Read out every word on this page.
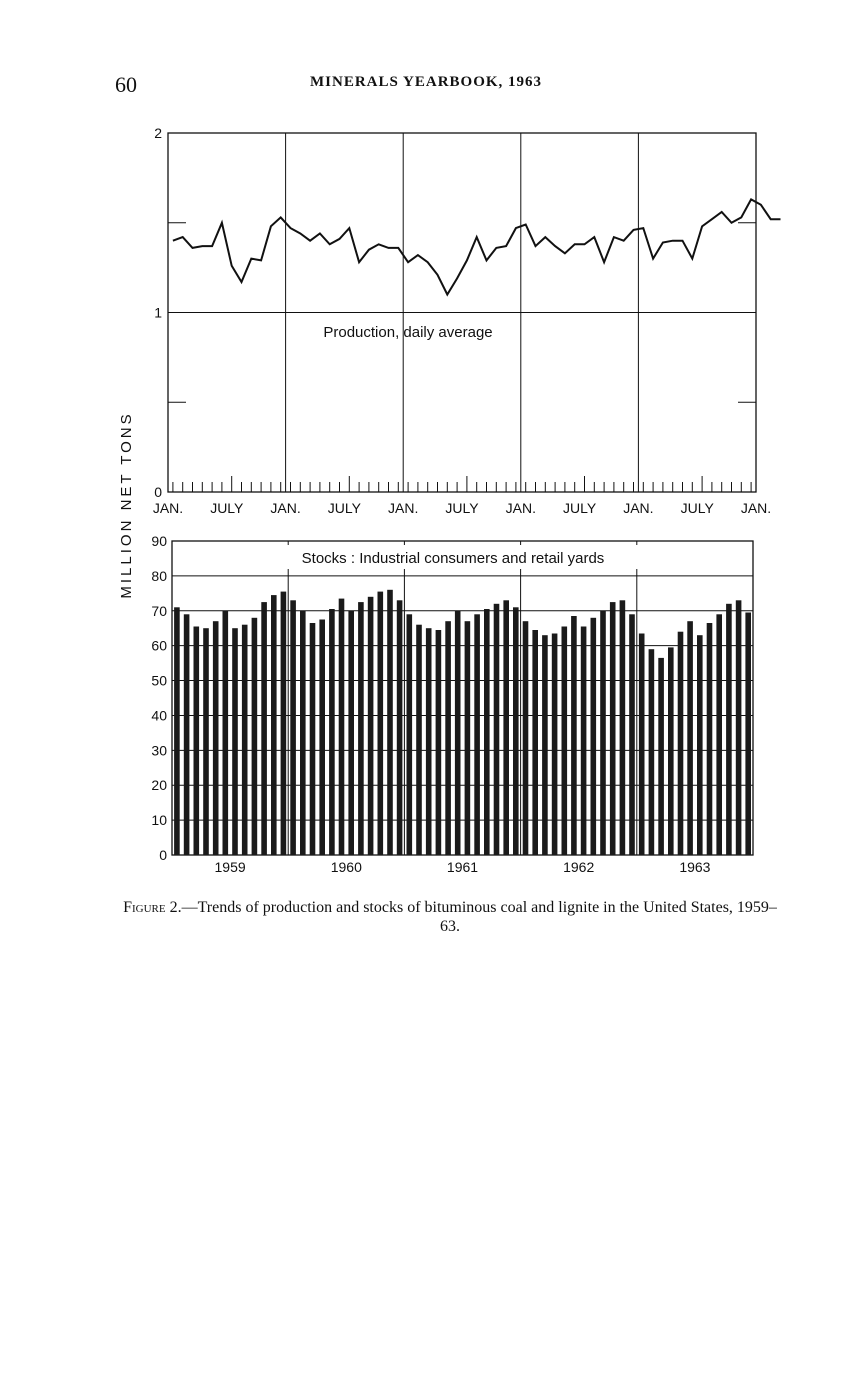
60	MINERALS YEARBOOK, 1963
MILLION NET TONS 0
1
2
JAN. JULY JAN. JULY JAN. JULY JAN. JULY JAN. JULY JAN.
Production, daily average
0
10
20
30
40
50
60
70
80
90
1959	1960	1961	1962	1963
Stocks : Industrial consumers and retail yards
Figure 2.—Trends of production and stocks of bituminous coal and lignite in the United States, 1959–63.
